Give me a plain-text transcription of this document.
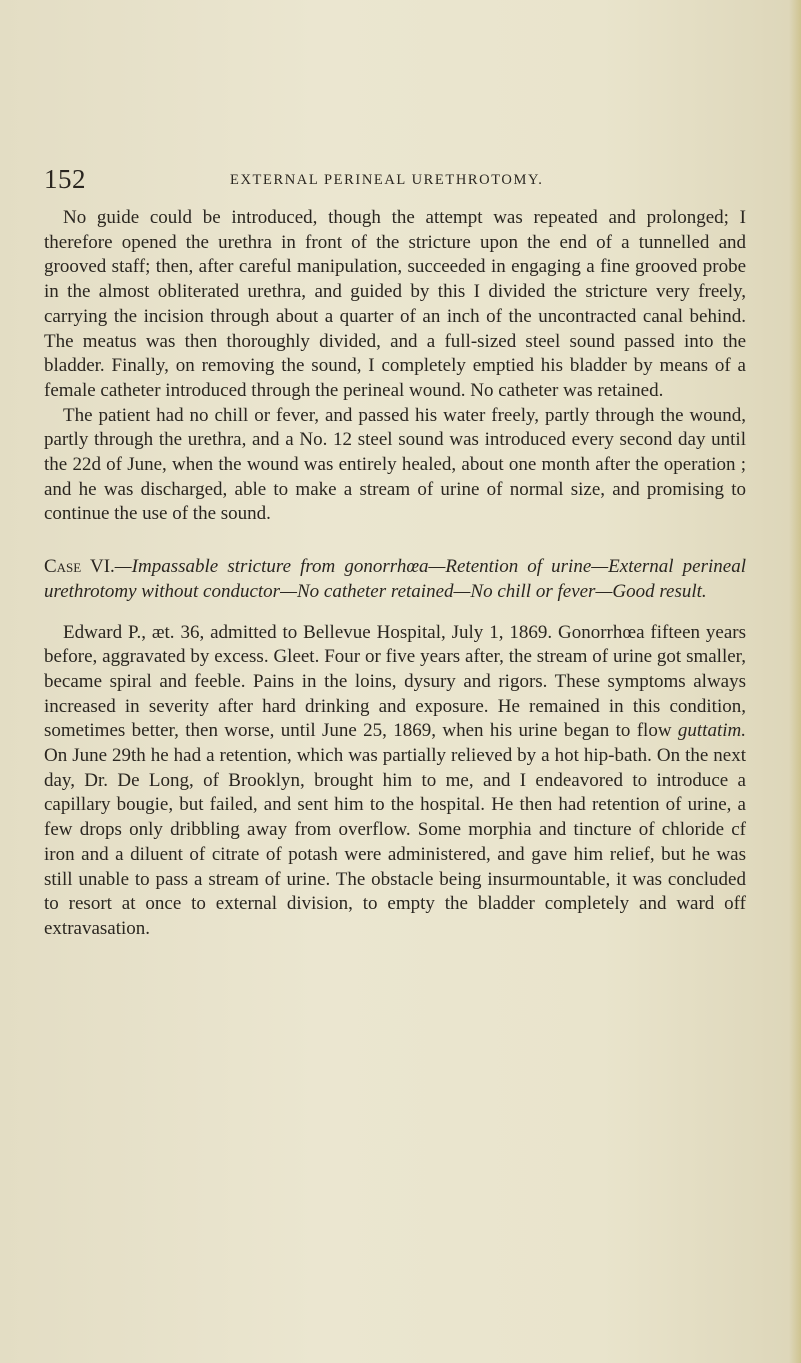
152	EXTERNAL PERINEAL URETHROTOMY.

No guide could be introduced, though the attempt was repeated and prolonged; I therefore opened the urethra in front of the stricture upon the end of a tunnelled and grooved staff; then, after careful manipulation, succeeded in engaging a fine grooved probe in the almost obliterated urethra, and guided by this I divided the stricture very freely, carrying the incision through about a quarter of an inch of the uncontracted canal behind. The meatus was then thoroughly divided, and a full-sized steel sound passed into the bladder. Finally, on removing the sound, I completely emptied his bladder by means of a female catheter introduced through the perineal wound. No catheter was retained.

The patient had no chill or fever, and passed his water freely, partly through the wound, partly through the urethra, and a No. 12 steel sound was introduced every second day until the 22d of June, when the wound was entirely healed, about one month after the operation ; and he was discharged, able to make a stream of urine of normal size, and promising to continue the use of the sound.

Case VI.—Impassable stricture from gonorrhœa—Retention of urine—External perineal urethrotomy without conductor—No catheter retained—No chill or fever—Good result.

Edward P., æt. 36, admitted to Bellevue Hospital, July 1, 1869. Gonorrhœa fifteen years before, aggravated by excess. Gleet. Four or five years after, the stream of urine got smaller, became spiral and feeble. Pains in the loins, dysury and rigors. These symptoms always increased in severity after hard drinking and exposure. He remained in this condition, sometimes better, then worse, until June 25, 1869, when his urine began to flow guttatim. On June 29th he had a retention, which was partially relieved by a hot hip-bath. On the next day, Dr. De Long, of Brooklyn, brought him to me, and I endeavored to introduce a capillary bougie, but failed, and sent him to the hospital. He then had retention of urine, a few drops only dribbling away from overflow. Some morphia and tincture of chloride cf iron and a diluent of citrate of potash were administered, and gave him relief, but he was still unable to pass a stream of urine. The obstacle being insurmountable, it was concluded to resort at once to external division, to empty the bladder completely and ward off extravasation.
